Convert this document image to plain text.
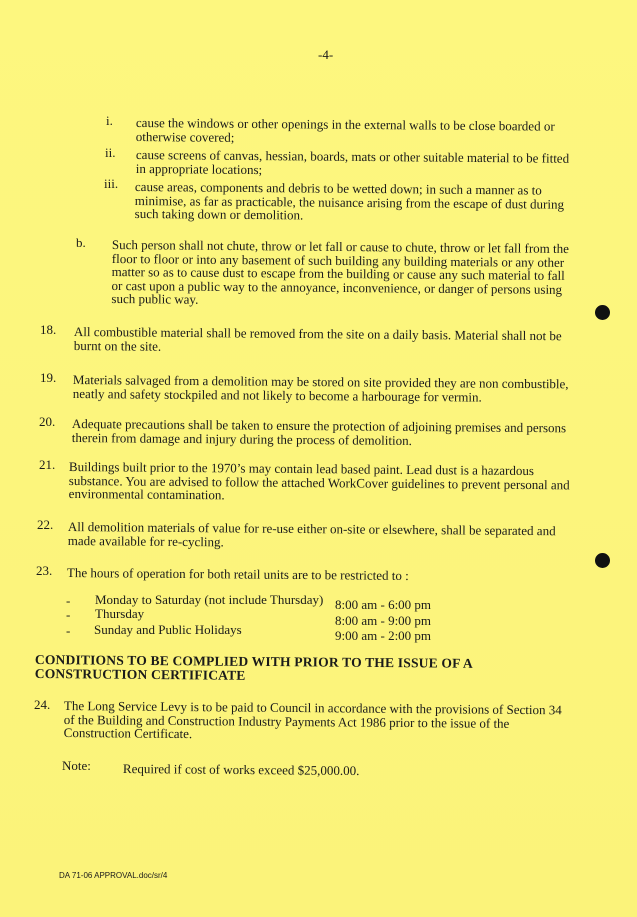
-4-
i. cause the windows or other openings in the external walls to be close boarded or otherwise covered;
ii. cause screens of canvas, hessian, boards, mats or other suitable material to be fitted in appropriate locations;
iii. cause areas, components and debris to be wetted down; in such a manner as to minimise, as far as practicable, the nuisance arising from the escape of dust during such taking down or demolition.
b. Such person shall not chute, throw or let fall or cause to chute, throw or let fall from the floor to floor or into any basement of such building any building materials or any other matter so as to cause dust to escape from the building or cause any such material to fall or cast upon a public way to the annoyance, inconvenience, or danger of persons using such public way.
18. All combustible material shall be removed from the site on a daily basis. Material shall not be burnt on the site.
19. Materials salvaged from a demolition may be stored on site provided they are non combustible, neatly and safety stockpiled and not likely to become a harbourage for vermin.
20. Adequate precautions shall be taken to ensure the protection of adjoining premises and persons therein from damage and injury during the process of demolition.
21. Buildings built prior to the 1970’s may contain lead based paint. Lead dust is a hazardous substance. You are advised to follow the attached WorkCover guidelines to prevent personal and environmental contamination.
22. All demolition materials of value for re-use either on-site or elsewhere, shall be separated and made available for re-cycling.
23. The hours of operation for both retail units are to be restricted to :
- Monday to Saturday (not include Thursday) 8:00 am - 6:00 pm
- Thursday	8:00 am - 9:00 pm
- Sunday and Public Holidays	9:00 am - 2:00 pm
CONDITIONS TO BE COMPLIED WITH PRIOR TO THE ISSUE OF A CONSTRUCTION CERTIFICATE
24. The Long Service Levy is to be paid to Council in accordance with the provisions of Section 34 of the Building and Construction Industry Payments Act 1986 prior to the issue of the Construction Certificate.
Note: Required if cost of works exceed $25,000.00.
DA 71-06 APPROVAL.doc/sr/4
